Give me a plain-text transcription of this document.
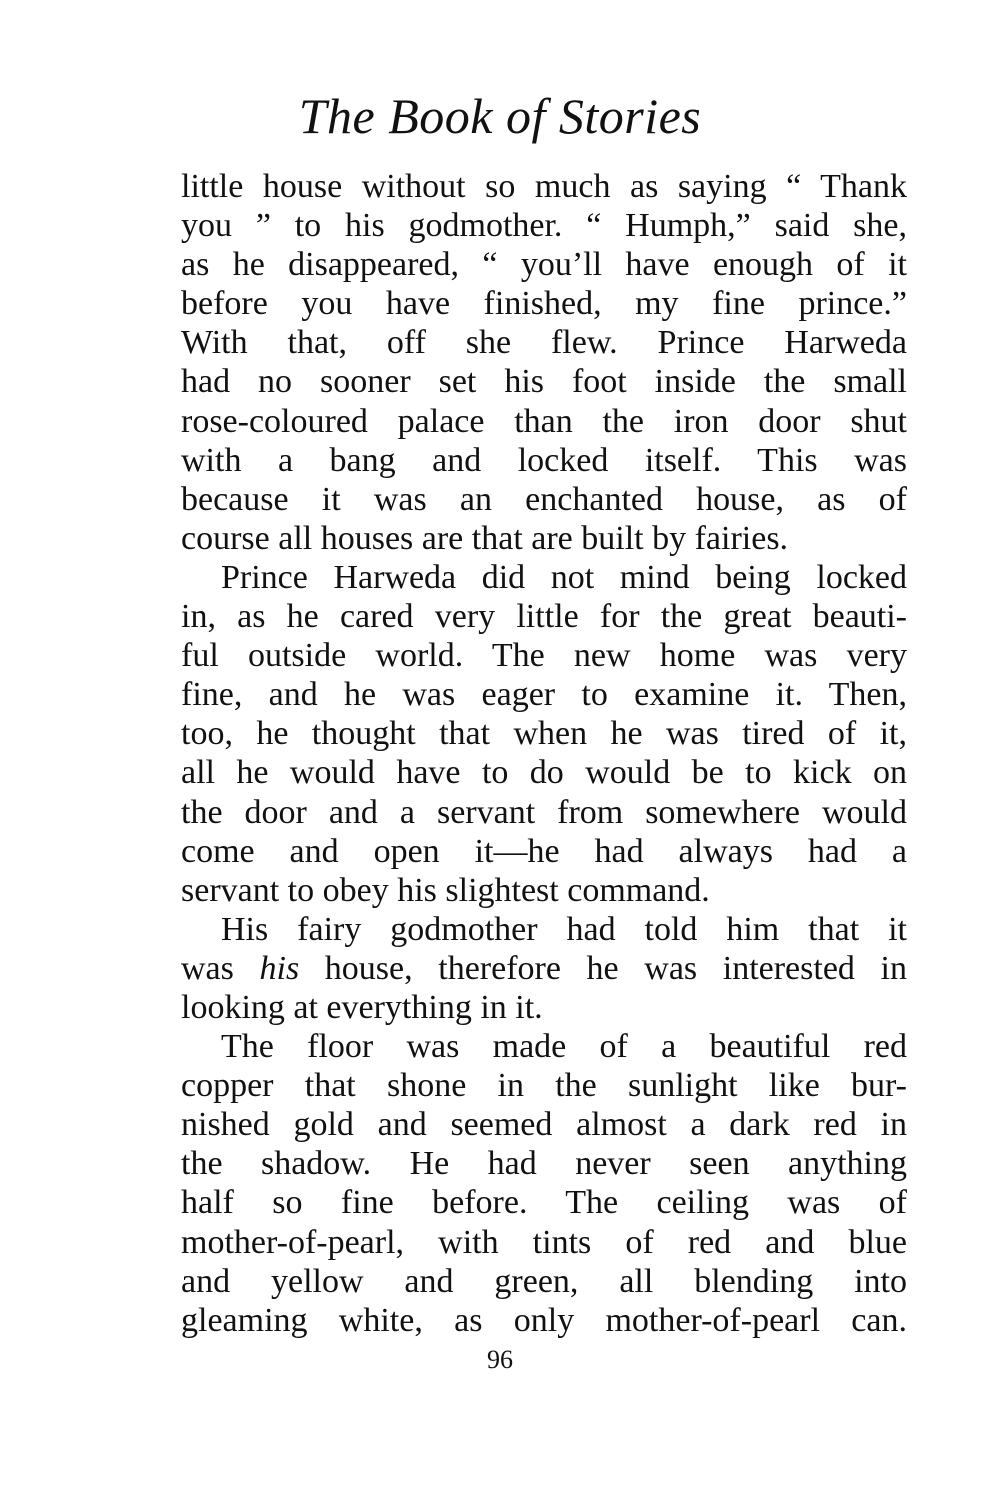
The Book of Stories
little house without so much as saying “ Thank
you ” to his godmother. “ Humph,” said she,
as he disappeared, “ you’ll have enough of it
before you have finished, my fine prince.”
With that, off she flew. Prince Harweda
had no sooner set his foot inside the small
rose-coloured palace than the iron door shut
with a bang and locked itself. This was
because it was an enchanted house, as of
course all houses are that are built by fairies.
Prince Harweda did not mind being locked
in, as he cared very little for the great beauti-
ful outside world. The new home was very
fine, and he was eager to examine it. Then,
too, he thought that when he was tired of it,
all he would have to do would be to kick on
the door and a servant from somewhere would
come and open it—he had always had a
servant to obey his slightest command.
His fairy godmother had told him that it
was his house, therefore he was interested in
looking at everything in it.
The floor was made of a beautiful red
copper that shone in the sunlight like bur-
nished gold and seemed almost a dark red in
the shadow. He had never seen anything
half so fine before. The ceiling was of
mother-of-pearl, with tints of red and blue
and yellow and green, all blending into
gleaming white, as only mother-of-pearl can.
96
